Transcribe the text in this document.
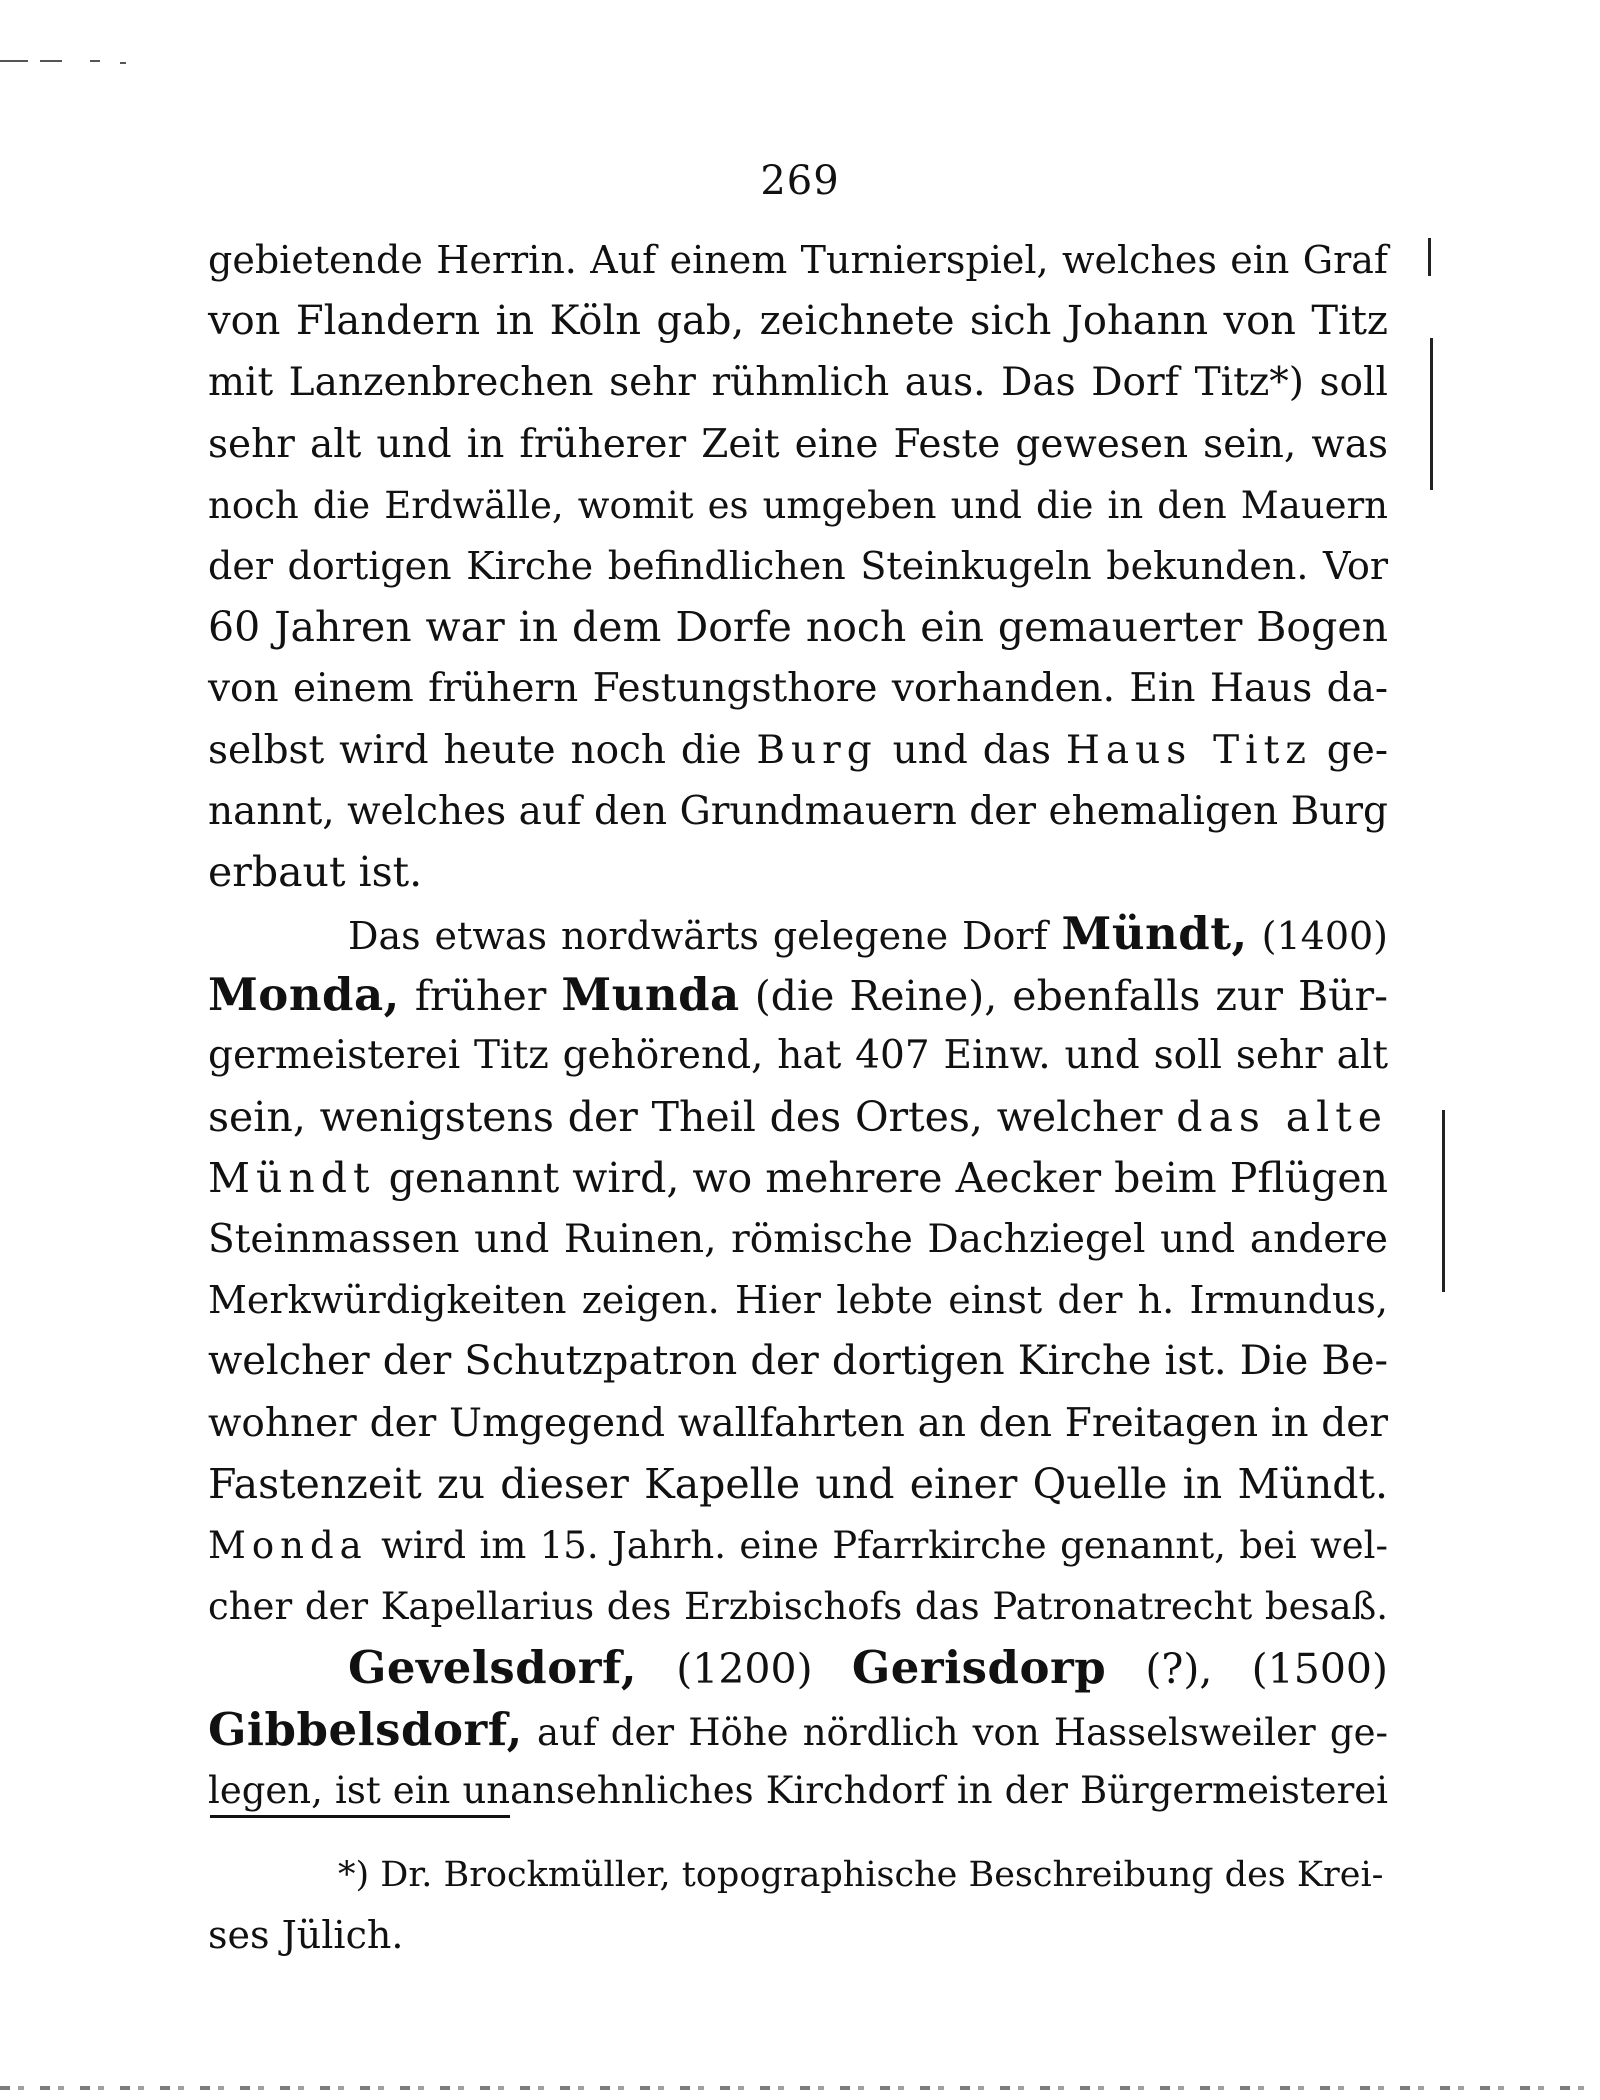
269
gebietende Herrin. Auf einem Turnierspiel, welches ein Graf
von Flandern in Köln gab, zeichnete sich Johann von Titz
mit Lanzenbrechen sehr rühmlich aus. Das Dorf Titz*) soll
sehr alt und in früherer Zeit eine Feste gewesen sein, was
noch die Erdwälle, womit es umgeben und die in den Mauern
der dortigen Kirche befindlichen Steinkugeln bekunden. Vor
60 Jahren war in dem Dorfe noch ein gemauerter Bogen
von einem frühern Festungsthore vorhanden. Ein Haus da-
selbst wird heute noch die Burg und das Haus Titz ge-
nannt, welches auf den Grundmauern der ehemaligen Burg
erbaut ist.
Das etwas nordwärts gelegene Dorf Mündt, (1400)
Monda, früher Munda (die Reine), ebenfalls zur Bür-
germeisterei Titz gehörend, hat 407 Einw. und soll sehr alt
sein, wenigstens der Theil des Ortes, welcher das alte
Mündt genannt wird, wo mehrere Aecker beim Pflügen
Steinmassen und Ruinen, römische Dachziegel und andere
Merkwürdigkeiten zeigen. Hier lebte einst der h. Irmundus,
welcher der Schutzpatron der dortigen Kirche ist. Die Be-
wohner der Umgegend wallfahrten an den Freitagen in der
Fastenzeit zu dieser Kapelle und einer Quelle in Mündt.
Monda wird im 15. Jahrh. eine Pfarrkirche genannt, bei wel-
cher der Kapellarius des Erzbischofs das Patronatrecht besaß.
Gevelsdorf, (1200) Gerisdorp (?), (1500)
Gibbelsdorf, auf der Höhe nördlich von Hasselsweiler ge-
legen, ist ein unansehnliches Kirchdorf in der Bürgermeisterei
*) Dr. Brockmüller, topographische Beschreibung des Krei-
ses Jülich.
